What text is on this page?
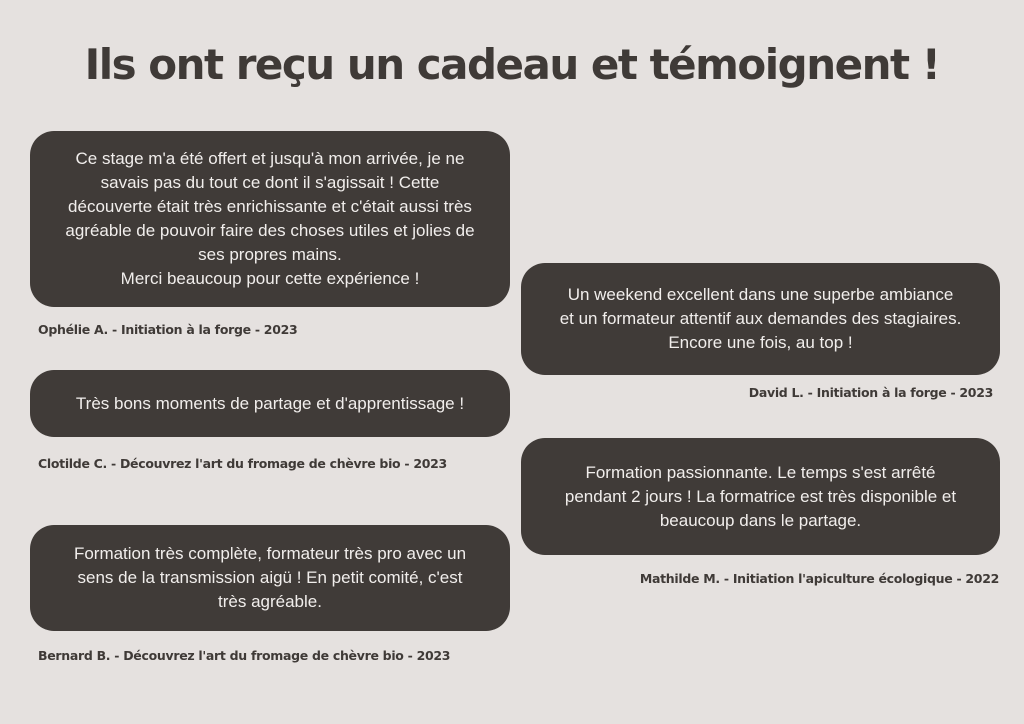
Ils ont reçu un cadeau et témoignent !

Ce stage m'a été offert et jusqu'à mon arrivée, je ne
savais pas du tout ce dont il s'agissait ! Cette
découverte était très enrichissante et c'était aussi très
agréable de pouvoir faire des choses utiles et jolies de
ses propres mains.
Merci beaucoup pour cette expérience !

Ophélie A. - Initiation à la forge - 2023

Un weekend excellent dans une superbe ambiance
et un formateur attentif aux demandes des stagiaires.
Encore une fois, au top !

David L. - Initiation à la forge - 2023

Très bons moments de partage et d'apprentissage !

Clotilde C. - Découvrez l'art du fromage de chèvre bio - 2023	Formation passionnante. Le temps s'est arrêté
pendant 2 jours ! La formatrice est très disponible et
beaucoup dans le partage.

Mathilde M. - Initiation l'apiculture écologique - 2022

Formation très complète, formateur très pro avec un
sens de la transmission aigü ! En petit comité, c'est
très agréable.

Bernard B. - Découvrez l'art du fromage de chèvre bio - 2023
